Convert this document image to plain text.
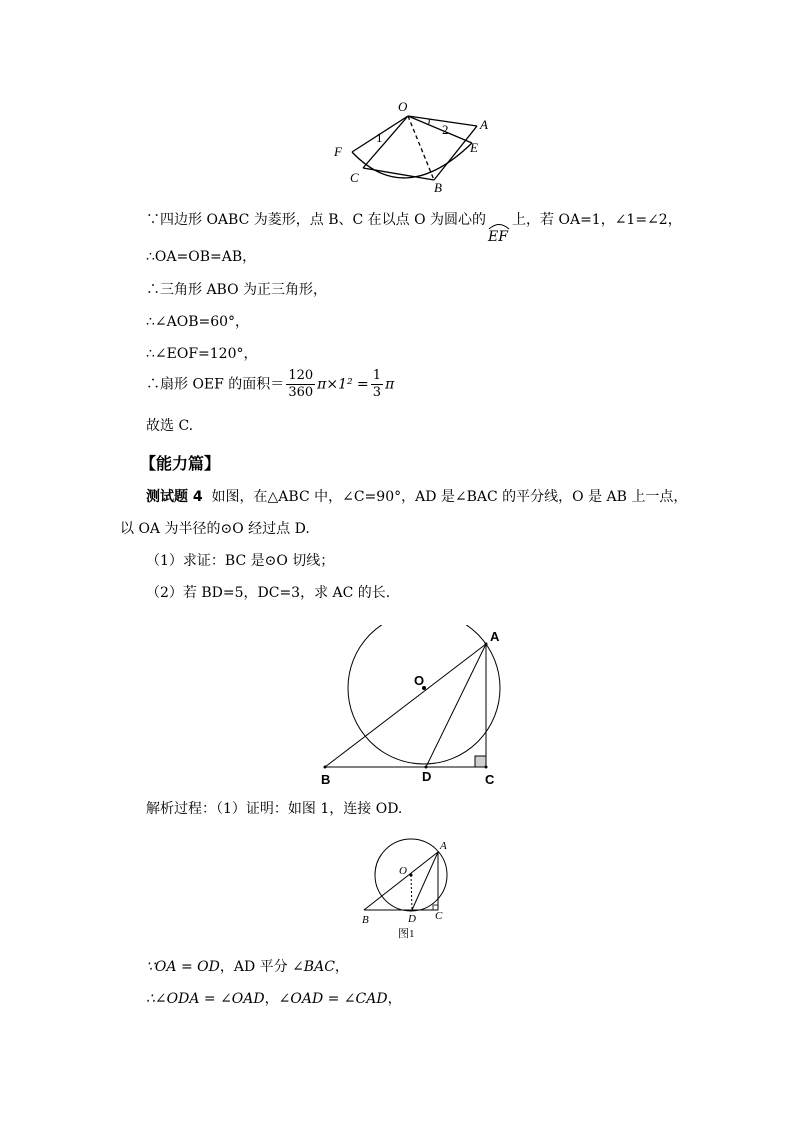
O
A
E
F
C
B
1
2
∵四边形 OABC 为菱形，点 B、C 在以点 O 为圆心的
EF
上，若 OA=1，∠1=∠2，
∴OA=OB=AB，
∴三角形 ABO 为正三角形，
∴∠AOB=60°，
∴∠EOF=120°，
∴扇形 OEF 的面积＝ $\frac{120}{360} \pi\times 1^2 = \frac{1}{3}$ π
故选 C.
【能力篇】
测试题 4 如图，在△ABC 中，∠C=90°，AD 是∠BAC 的平分线，O 是 AB 上一点，
以 OA 为半径的⊙O 经过点 D.
（1）求证：BC 是⊙O 切线；
（2）若 BD=5，DC=3，求 AC 的长.
A
O
B	D	C
解析过程：（1）证明：如图 1，连接 OD.
O
A
B	D C
图1
∵OA = OD，AD 平分 ∠BAC，
∴∠ODA = ∠OAD，∠OAD = ∠CAD，
